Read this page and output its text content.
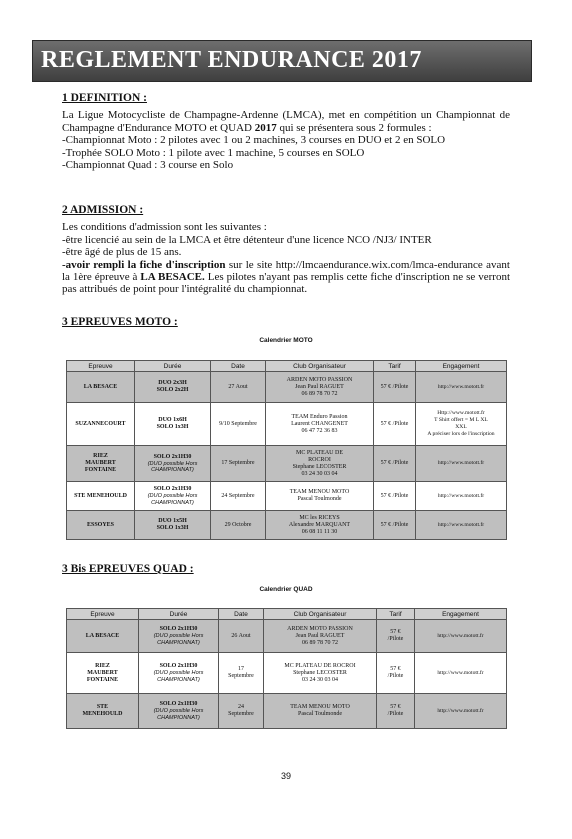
REGLEMENT ENDURANCE 2017

1 DEFINITION :

La Ligue Motocycliste de Champagne-Ardenne (LMCA), met en compétition un Championnat de Champagne d'Endurance MOTO et QUAD 2017 qui se présentera sous 2 formules :

-Championnat Moto : 2 pilotes avec 1 ou 2 machines, 3 courses en DUO et 2 en SOLO

-Trophée SOLO Moto : 1 pilote avec 1 machine, 5 courses en SOLO

-Championnat Quad : 3 course en Solo

2 ADMISSION :

Les conditions d'admission sont les suivantes :

-être licencié au sein de la LMCA et être détenteur d'une licence NCO /NJ3/ INTER

-être âgé de plus de 15 ans.

-avoir rempli la fiche d'inscription sur le site http://lmcaendurance.wix.com/lmca-endurance avant la 1ère épreuve à LA BESACE. Les pilotes n'ayant pas remplis cette fiche d'inscription ne se verront pas attribués de point pour l'intégralité du championnat.

3 EPREUVES MOTO :

Calendrier MOTO
Epreuve	Durée	Date	Club Organisateur	Tarif	Engagement

LA BESACE	DUO 2x3H
SOLO 2x2H	27 Aout	ARDEN MOTO PASSION
Jean Paul RAGUET
06 89 78 70 72	57 € /Pilote	http://www.motott.fr

SUZANNECOURT	DUO 1x6H
SOLO 1x3H	9/10 Septembre	TEAM Enduro Passion
Laurent CHANGENET
06 47 72 36 83	57 € /Pilote	Http://www.motott.fr
T Shirt offert = M L XL
XXL
A préciser lors de l'inscription

RIEZ
MAUBERT
FONTAINE	SOLO 2x1H30
(DUO possible Hors
CHAMPIONNAT)	17 Septembre	MC PLATEAU DE
ROCROI
Stephane LECOSTER
03 24 30 03 04	57 € /Pilote	http://www.motott.fr

STE MENEHOULD	SOLO 2x1H30
(DUO possible Hors
CHAMPIONNAT)	24 Septembre	TEAM MENOU MOTO
Pascal Toulmonde	57 € /Pilote	http://www.motott.fr

ESSOYES	DUO 1x5H
SOLO 1x3H	29 Octobre	MC les RICEYS
Alexandre MARQUANT
06 08 11 11 30	57 € /Pilote	http://www.motott.fr

3 Bis EPREUVES QUAD :

Calendrier QUAD
Epreuve	Durée	Date	Club Organisateur	Tarif	Engagement

LA BESACE	SOLO 2x1H30
(DUO possible Hors
CHAMPIONNAT)	26 Aout	ARDEN MOTO PASSION
Jean Paul RAGUET
06 89 78 70 72	57 €
/Pilote	http://www.motott.fr

RIEZ
MAUBERT
FONTAINE	SOLO 2x1H30
(DUO possible Hors
CHAMPIONNAT)	17
Septembre	MC PLATEAU DE ROCROI
Stephane LECOSTER
03 24 30 03 04	57 €
/Pilote	http://www.motott.fr

STE
MENEHOULD	SOLO 2x1H30
(DUO possible Hors
CHAMPIONNAT)	24
Septembre	TEAM MENOU MOTO
Pascal Toulmonde	57 €
/Pilote	http://www.motott.fr
39
